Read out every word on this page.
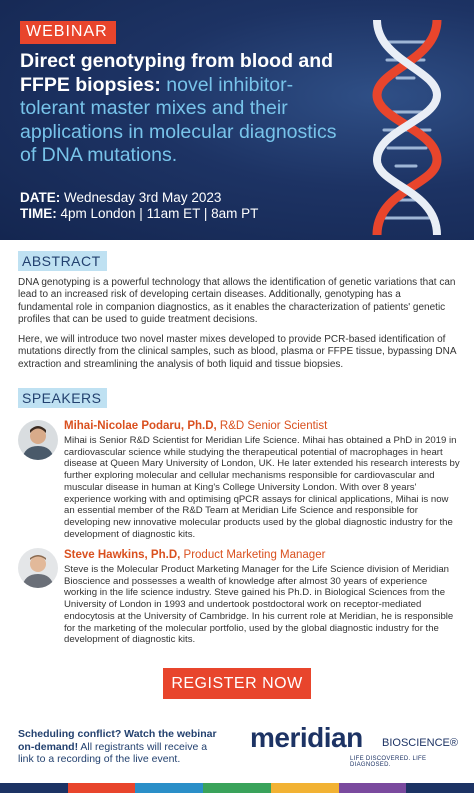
WEBINAR
Direct genotyping from blood and FFPE biopsies: novel inhibitor-tolerant master mixes and their applications in molecular diagnostics of DNA mutations.
DATE: Wednesday 3rd May 2023
TIME: 4pm London | 11am ET | 8am PT
ABSTRACT

DNA genotyping is a powerful technology that allows the identification of genetic variations that can lead to an increased risk of developing certain diseases. Additionally, genotyping has a fundamental role in companion diagnostics, as it enables the characterization of patients' genetic profiles that can be used to guide treatment decisions.

Here, we will introduce two novel master mixes developed to provide PCR-based identification of mutations directly from the clinical samples, such as blood, plasma or FFPE tissue, bypassing DNA extraction and streamlining the analysis of both liquid and tissue biopsies.

SPEAKERS
Mihai-Nicolae Podaru, Ph.D, R&D Senior Scientist

Mihai is Senior R&D Scientist for Meridian Life Science. Mihai has obtained a PhD in 2019 in cardiovascular science while studying the therapeutical potential of macrophages in heart disease at Queen Mary University of London, UK. He later extended his research interests by further exploring molecular and cellular mechanisms responsible for cardiovascular and muscular disease in human at King's College University London. With over 8 years' experience working with and optimising qPCR assays for clinical applications, Mihai is now an essential member of the R&D Team at Meridian Life Science and responsible for developing new innovative molecular products used by the global diagnostic industry for the development of diagnostic kits.

Steve Hawkins, Ph.D, Product Marketing Manager

Steve is the Molecular Product Marketing Manager for the Life Science division of Meridian Bioscience and possesses a wealth of knowledge after almost 30 years of experience working in the life science industry. Steve gained his Ph.D. in Biological Sciences from the University of London in 1993 and undertook postdoctoral work on receptor-mediated endocytosis at the University of Cambridge. In his current role at Meridian, he is responsible for the marketing of the molecular portfolio, used by the global diagnostic industry for the development of diagnostic kits.

REGISTER NOW
Scheduling conflict? Watch the webinar on-demand! All registrants will receive a link to a recording of the live event.
meridian BIOSCIENCE®
LIFE DISCOVERED. LIFE DIAGNOSED.
